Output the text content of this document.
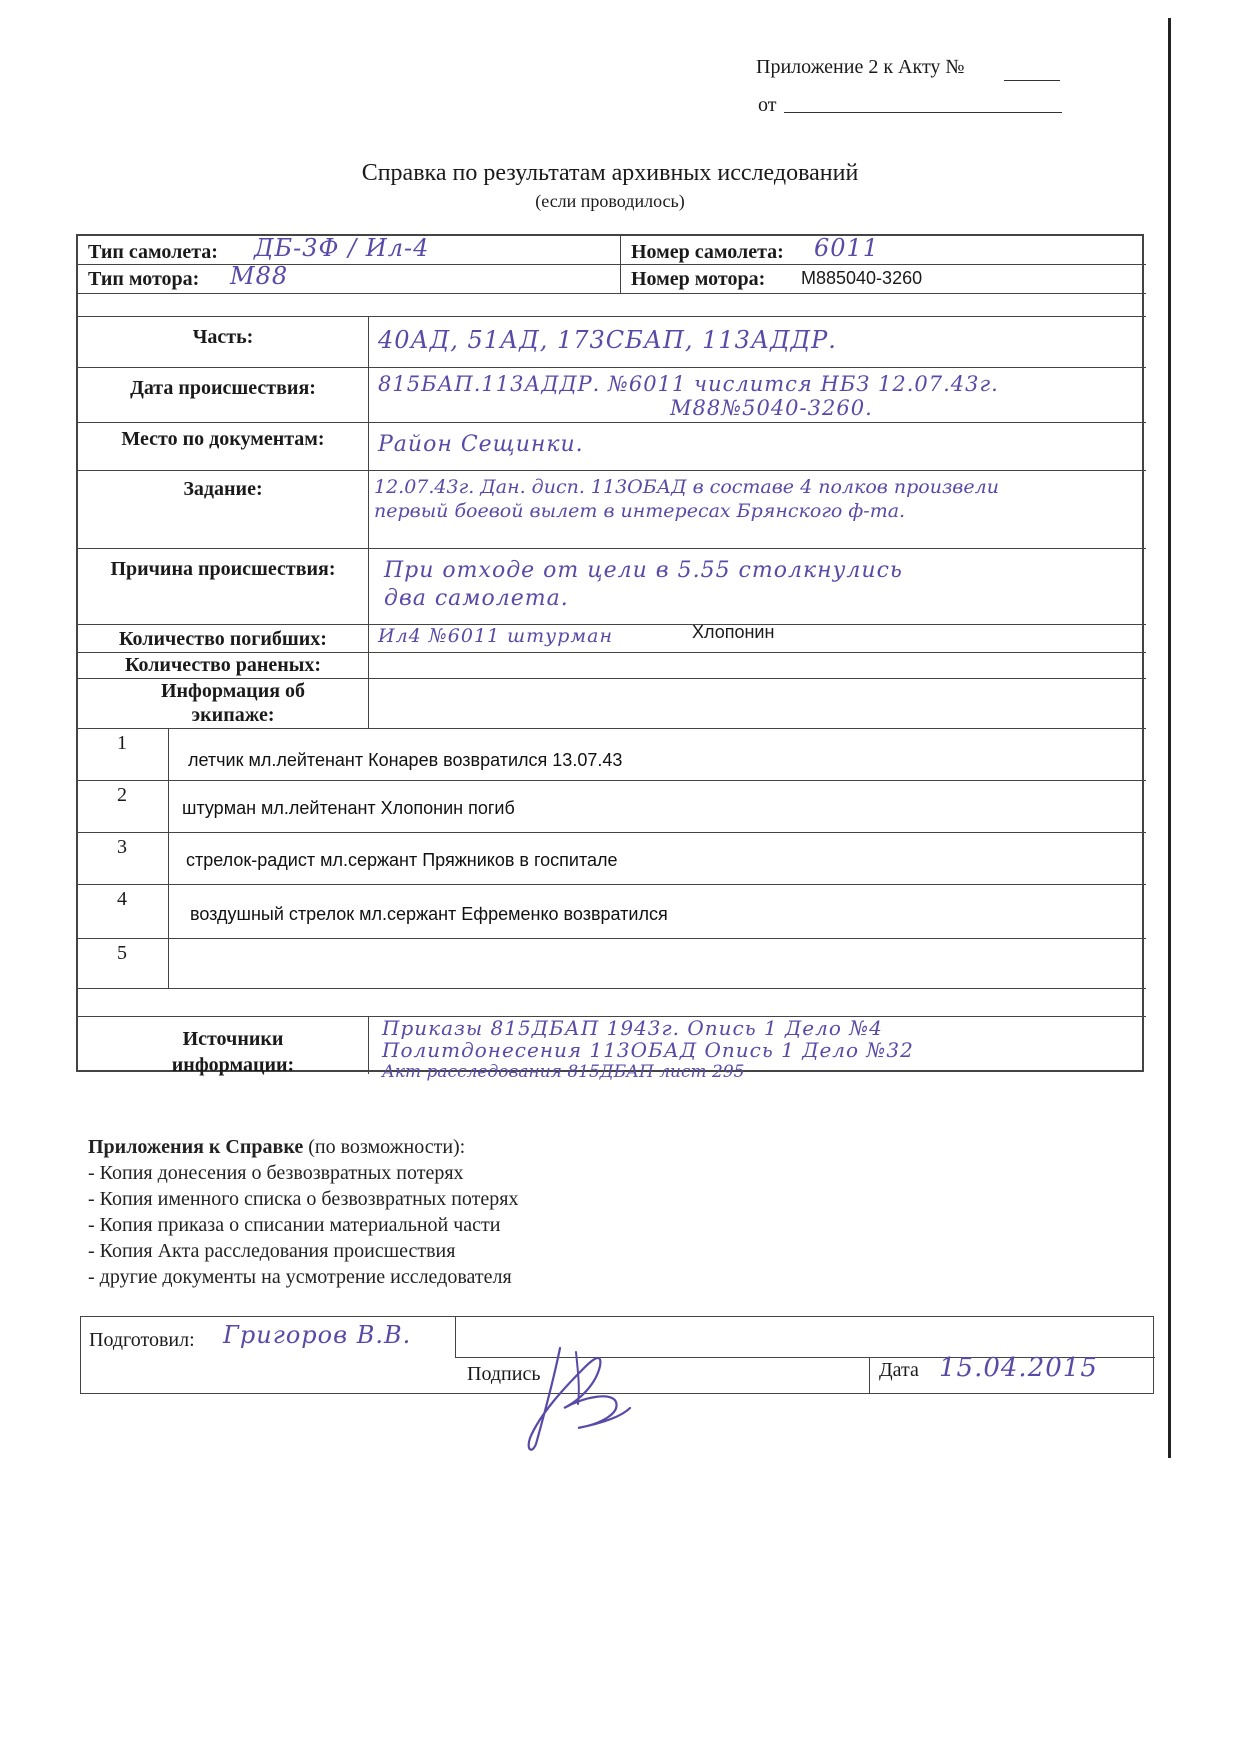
Приложение 2 к Акту №
от
Справка по результатам архивных исследований
(если проводилось)
Тип самолета: ДБ-3Ф / Ил-4	Номер самолета: 6011
Тип мотора: М88	Номер мотора: M885040-3260
Часть:	40АД, 51АД, 173СБАП, 113АДДР.
Дата происшествия:	815БАП.113АДДР. №6011 числится НБЗ 12.07.43г.
М88№5040-3260.
Место по документам:	Район Сещинки.
Задание:	12.07.43г. Дан. дисп. 113ОБАД в составе 4 полков произвели
первый боевой вылет в интересах Брянского ф-та.
Причина происшествия:	При отходе от цели в 5.55 столкнулись
два самолета.
Количество погибших:	Ил4 №6011 штурман	Хлопонин
Количество раненых:
Информация об экипаже:
1
летчик мл.лейтенант Конарев возвратился 13.07.43
2
штурман мл.лейтенант Хлопонин погиб
3
стрелок-радист мл.сержант Пряжников в госпитале
4
воздушный стрелок мл.сержант Ефременко возвратился
5
Источники информации:
Приказы 815ДБАП 1943г. Опись 1 Дело №4
Политдонесения 113ОБАД Опись 1 Дело №32
Акт расследования 815ДБАП лист 295
Приложения к Справке (по возможности):
- Копия донесения о безвозвратных потерях
- Копия именного списка о безвозвратных потерях
- Копия приказа о списании материальной части
- Копия Акта расследования происшествия
- другие документы на усмотрение исследователя
Подготовил: Григоров В.В.
Подпись	Дата 15.04.2015
